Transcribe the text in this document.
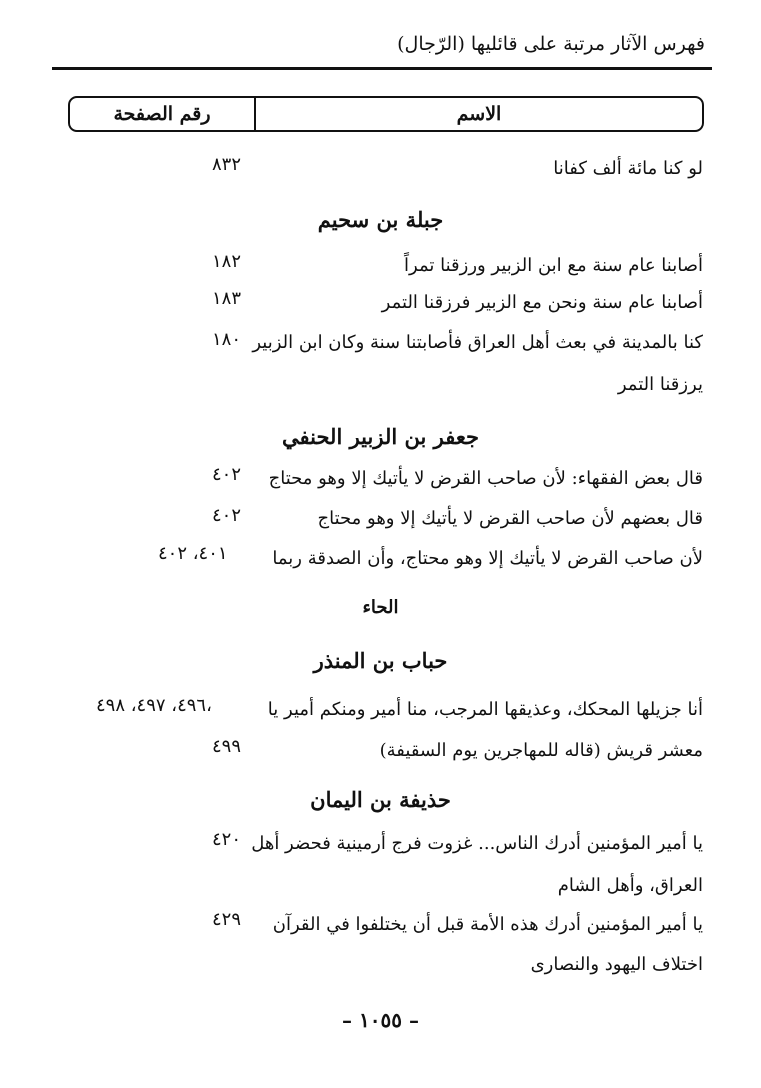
فهرس الآثار مرتبة على قائليها (الرّجال)
الاسم
رقم الصفحة
لو كنا مائة ألف كفانا
٨٣٢
جبلة بن سحيم
أصابنا عام سنة مع ابن الزبير ورزقنا تمراً
١٨٢
أصابنا عام سنة ونحن مع الزبير فرزقنا التمر
١٨٣
كنا بالمدينة في بعث أهل العراق فأصابتنا سنة وكان ابن الزبير
١٨٠
يرزقنا التمر
جعفر بن الزبير الحنفي
قال بعض الفقهاء: لأن صاحب القرض لا يأتيك إلا وهو محتاج
٤٠٢
قال بعضهم لأن صاحب القرض لا يأتيك إلا وهو محتاج
٤٠٢
لأن صاحب القرض لا يأتيك إلا وهو محتاج، وأن الصدقة ربما
٤٠١، ٤٠٢
الحاء
حباب بن المنذر
أنا جزيلها المحكك، وعذيقها المرجب، منا أمير ومنكم أمير يا
٤٩٦، ٤٩٧، ٤٩٨،
معشر قريش (قاله للمهاجرين يوم السقيفة)
٤٩٩
حذيفة بن اليمان
يا أمير المؤمنين أدرك الناس... غزوت فرج أرمينية فحضر أهل
٤٢٠
العراق، وأهل الشام
يا أمير المؤمنين أدرك هذه الأمة قبل أن يختلفوا في القرآن
٤٢٩
اختلاف اليهود والنصارى
– ١٠٥٥ –
